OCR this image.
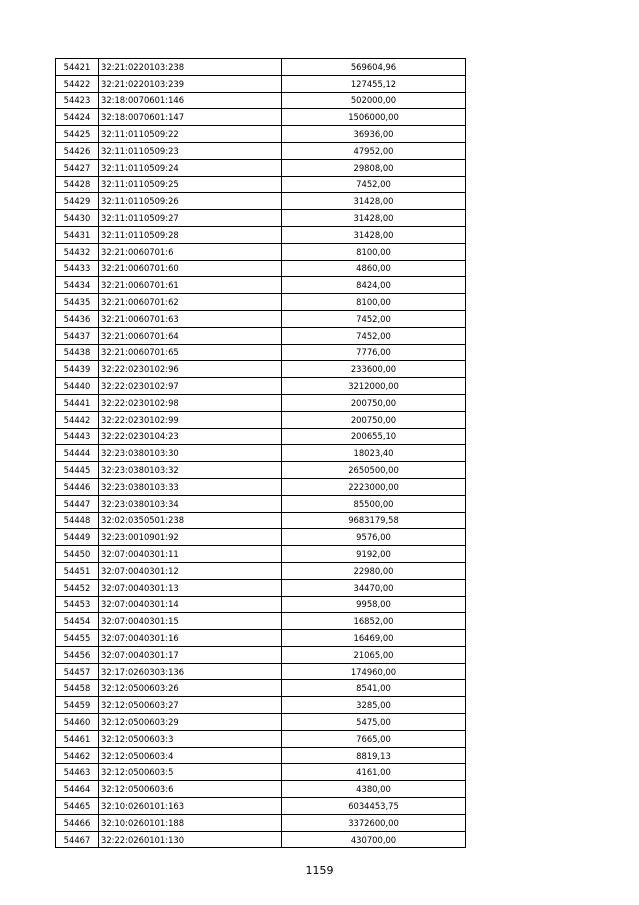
54421	32:21:0220103:238	569604,96
54422	32:21:0220103:239	127455,12
54423	32:18:0070601:146	502000,00
54424	32:18:0070601:147	1506000,00
54425	32:11:0110509:22	36936,00
54426	32:11:0110509:23	47952,00
54427	32:11:0110509:24	29808,00
54428	32:11:0110509:25	7452,00
54429	32:11:0110509:26	31428,00
54430	32:11:0110509:27	31428,00
54431	32:11:0110509:28	31428,00
54432	32:21:0060701:6	8100,00
54433	32:21:0060701:60	4860,00
54434	32:21:0060701:61	8424,00
54435	32:21:0060701:62	8100,00
54436	32:21:0060701:63	7452,00
54437	32:21:0060701:64	7452,00
54438	32:21:0060701:65	7776,00
54439	32:22:0230102:96	233600,00
54440	32:22:0230102:97	3212000,00
54441	32:22:0230102:98	200750,00
54442	32:22:0230102:99	200750,00
54443	32:22:0230104:23	200655,10
54444	32:23:0380103:30	18023,40
54445	32:23:0380103:32	2650500,00
54446	32:23:0380103:33	2223000,00
54447	32:23:0380103:34	85500,00
54448	32:02:0350501:238	9683179,58
54449	32:23:0010901:92	9576,00
54450	32:07:0040301:11	9192,00
54451	32:07:0040301:12	22980,00
54452	32:07:0040301:13	34470,00
54453	32:07:0040301:14	9958,00
54454	32:07:0040301:15	16852,00
54455	32:07:0040301:16	16469,00
54456	32:07:0040301:17	21065,00
54457	32:17:0260303:136	174960,00
54458	32:12:0500603:26	8541,00
54459	32:12:0500603:27	3285,00
54460	32:12:0500603:29	5475,00
54461	32:12:0500603:3	7665,00
54462	32:12:0500603:4	8819,13
54463	32:12:0500603:5	4161,00
54464	32:12:0500603:6	4380,00
54465	32:10:0260101:163	6034453,75
54466	32:10:0260101:188	3372600,00
54467	32:22:0260101:130	430700,00
1159
